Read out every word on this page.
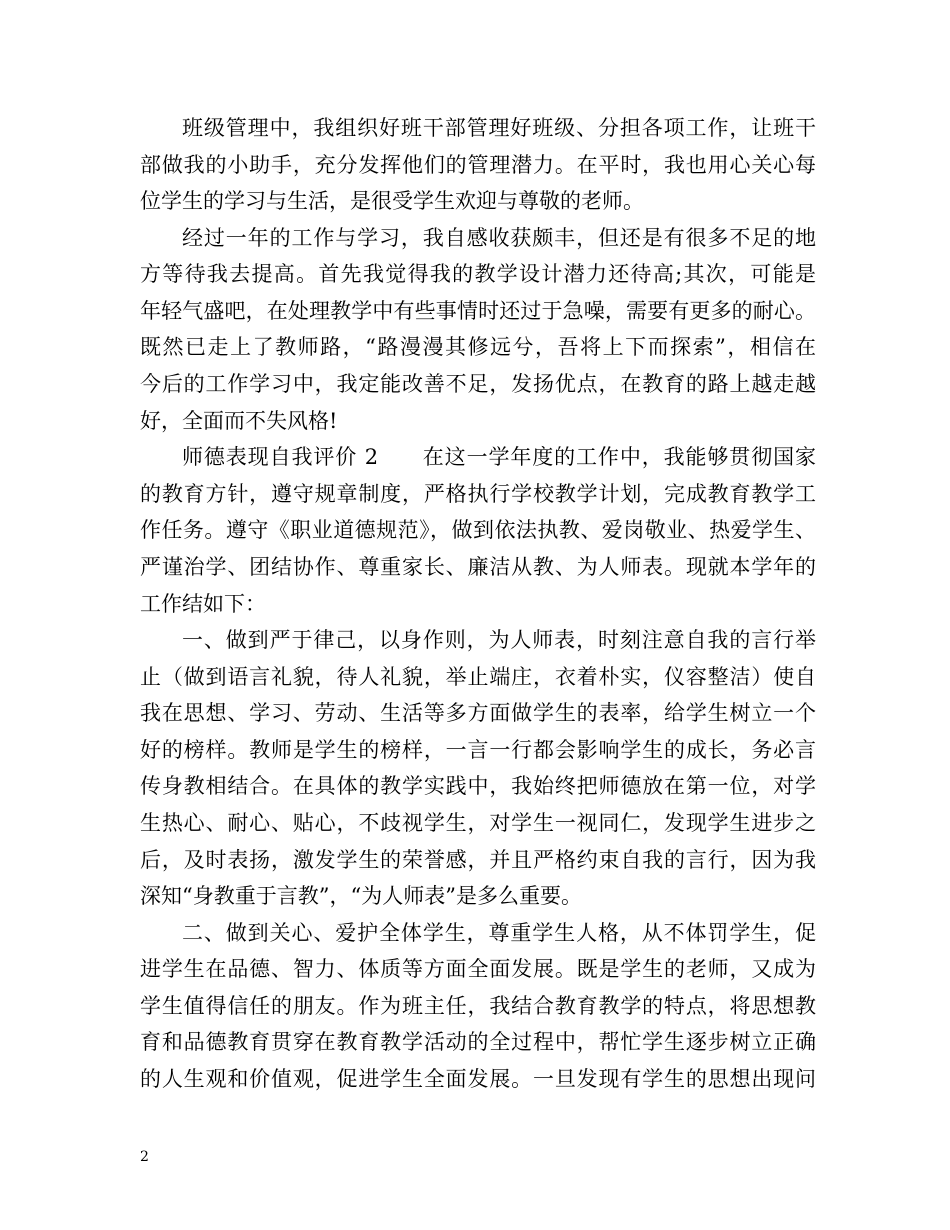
班级管理中，我组织好班干部管理好班级、分担各项工作，让班干
部做我的小助手，充分发挥他们的管理潜力。在平时，我也用心关心每
位学生的学习与生活，是很受学生欢迎与尊敬的老师。
经过一年的工作与学习，我自感收获颇丰，但还是有很多不足的地
方等待我去提高。首先我觉得我的教学设计潜力还待高;其次，可能是
年轻气盛吧，在处理教学中有些事情时还过于急噪，需要有更多的耐心。
既然已走上了教师路，“路漫漫其修远兮，吾将上下而探索”，相信在
今后的工作学习中，我定能改善不足，发扬优点，在教育的路上越走越
好，全面而不失风格!
师德表现自我评价 2　　在这一学年度的工作中，我能够贯彻国家
的教育方针，遵守规章制度，严格执行学校教学计划，完成教育教学工
作任务。遵守《职业道德规范》，做到依法执教、爱岗敬业、热爱学生、
严谨治学、团结协作、尊重家长、廉洁从教、为人师表。现就本学年的
工作结如下：
一、做到严于律己，以身作则，为人师表，时刻注意自我的言行举
止（做到语言礼貌，待人礼貌，举止端庄，衣着朴实，仪容整洁）使自
我在思想、学习、劳动、生活等多方面做学生的表率，给学生树立一个
好的榜样。教师是学生的榜样，一言一行都会影响学生的成长，务必言
传身教相结合。在具体的教学实践中，我始终把师德放在第一位，对学
生热心、耐心、贴心，不歧视学生，对学生一视同仁，发现学生进步之
后，及时表扬，激发学生的荣誉感，并且严格约束自我的言行，因为我
深知“身教重于言教”，“为人师表”是多么重要。
二、做到关心、爱护全体学生，尊重学生人格，从不体罚学生，促
进学生在品德、智力、体质等方面全面发展。既是学生的老师，又成为
学生值得信任的朋友。作为班主任，我结合教育教学的特点，将思想教
育和品德教育贯穿在教育教学活动的全过程中，帮忙学生逐步树立正确
的人生观和价值观，促进学生全面发展。一旦发现有学生的思想出现问
2
